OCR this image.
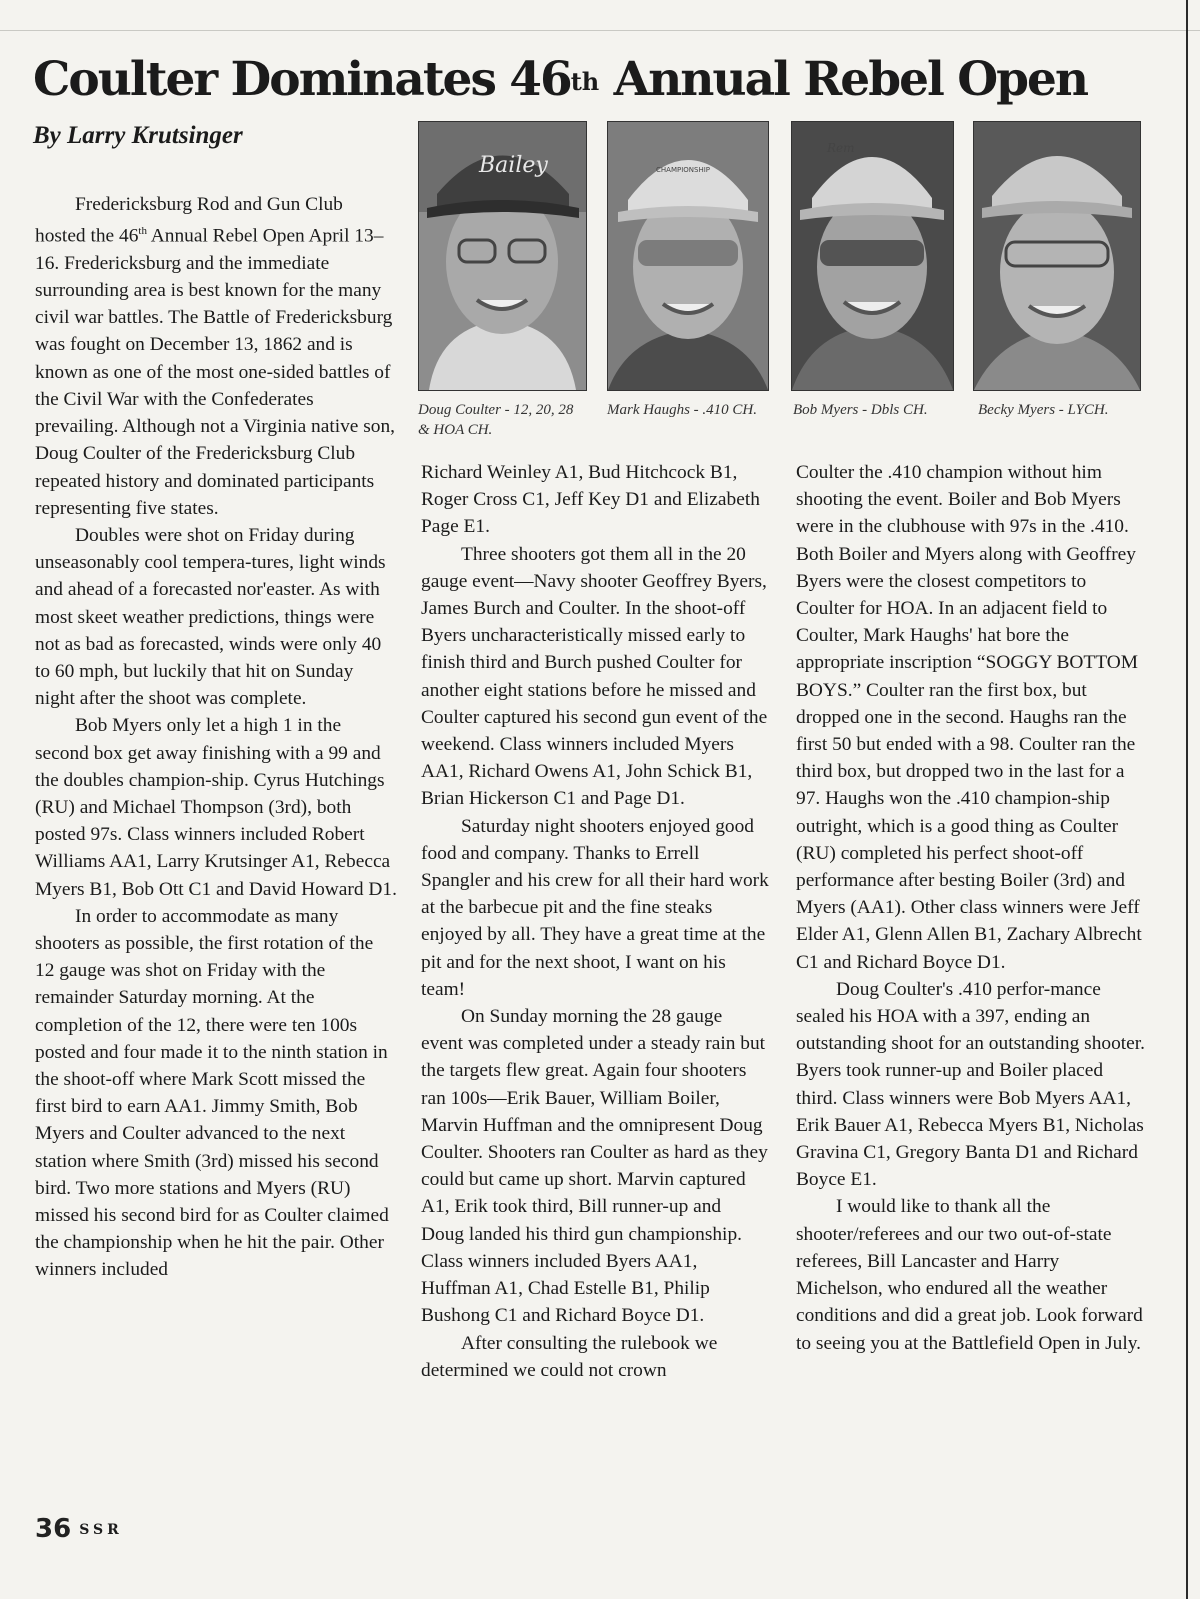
Coulter Dominates 46th Annual Rebel Open
By Larry Krutsinger
Bailey	CHAMPIONSHIP
Rem
Doug Coulter - 12, 20, 28 & HOA CH.
Mark Haughs - .410 CH.	Bob Myers - Dbls CH.	Becky Myers - LYCH.

Fredericksburg Rod and Gun Club hosted the 46th Annual Rebel Open April 13–16. Fredericksburg and the immediate surrounding area is best known for the many civil war battles. The Battle of Fredericksburg was fought on December 13, 1862 and is known as one of the most one-sided battles of the Civil War with the Confederates prevailing. Although not a Virginia native son, Doug Coulter of the Fredericksburg Club repeated history and dominated participants representing five states.

Doubles were shot on Friday during unseasonably cool tempera-tures, light winds and ahead of a forecasted nor'easter. As with most skeet weather predictions, things were not as bad as forecasted, winds were only 40 to 60 mph, but luckily that hit on Sunday night after the shoot was complete.

Bob Myers only let a high 1 in the second box get away finishing with a 99 and the doubles champion-ship. Cyrus Hutchings (RU) and Michael Thompson (3rd), both posted 97s. Class winners included Robert Williams AA1, Larry Krutsinger A1, Rebecca Myers B1, Bob Ott C1 and David Howard D1.

In order to accommodate as many shooters as possible, the first rotation of the 12 gauge was shot on Friday with the remainder Saturday morning. At the completion of the 12, there were ten 100s posted and four made it to the ninth station in the shoot-off where Mark Scott missed the first bird to earn AA1. Jimmy Smith, Bob Myers and Coulter advanced to the next station where Smith (3rd) missed his second bird. Two more stations and Myers (RU) missed his second bird for as Coulter claimed the championship when he hit the pair. Other winners included

Richard Weinley A1, Bud Hitchcock B1, Roger Cross C1, Jeff Key D1 and Elizabeth Page E1.

Three shooters got them all in the 20 gauge event—Navy shooter Geoffrey Byers, James Burch and Coulter. In the shoot-off Byers uncharacteristically missed early to finish third and Burch pushed Coulter for another eight stations before he missed and Coulter captured his second gun event of the weekend. Class winners included Myers AA1, Richard Owens A1, John Schick B1, Brian Hickerson C1 and Page D1.

Saturday night shooters enjoyed good food and company. Thanks to Errell Spangler and his crew for all their hard work at the barbecue pit and the fine steaks enjoyed by all. They have a great time at the pit and for the next shoot, I want on his team!

On Sunday morning the 28 gauge event was completed under a steady rain but the targets flew great. Again four shooters ran 100s—Erik Bauer, William Boiler, Marvin Huffman and the omnipresent Doug Coulter. Shooters ran Coulter as hard as they could but came up short. Marvin captured A1, Erik took third, Bill runner-up and Doug landed his third gun championship. Class winners included Byers AA1, Huffman A1, Chad Estelle B1, Philip Bushong C1 and Richard Boyce D1.

After consulting the rulebook we determined we could not crown

Coulter the .410 champion without him shooting the event. Boiler and Bob Myers were in the clubhouse with 97s in the .410. Both Boiler and Myers along with Geoffrey Byers were the closest competitors to Coulter for HOA. In an adjacent field to Coulter, Mark Haughs' hat bore the appropriate inscription “SOGGY BOTTOM BOYS.” Coulter ran the first box, but dropped one in the second. Haughs ran the first 50 but ended with a 98. Coulter ran the third box, but dropped two in the last for a 97. Haughs won the .410 champion-ship outright, which is a good thing as Coulter (RU) completed his perfect shoot-off performance after besting Boiler (3rd) and Myers (AA1). Other class winners were Jeff Elder A1, Glenn Allen B1, Zachary Albrecht C1 and Richard Boyce D1.

Doug Coulter's .410 perfor-mance sealed his HOA with a 397, ending an outstanding shoot for an outstanding shooter. Byers took runner-up and Boiler placed third. Class winners were Bob Myers AA1, Erik Bauer A1, Rebecca Myers B1, Nicholas Gravina C1, Gregory Banta D1 and Richard Boyce E1.

I would like to thank all the shooter/referees and our two out-of-state referees, Bill Lancaster and Harry Michelson, who endured all the weather conditions and did a great job. Look forward to seeing you at the Battlefield Open in July.

36 SSR
